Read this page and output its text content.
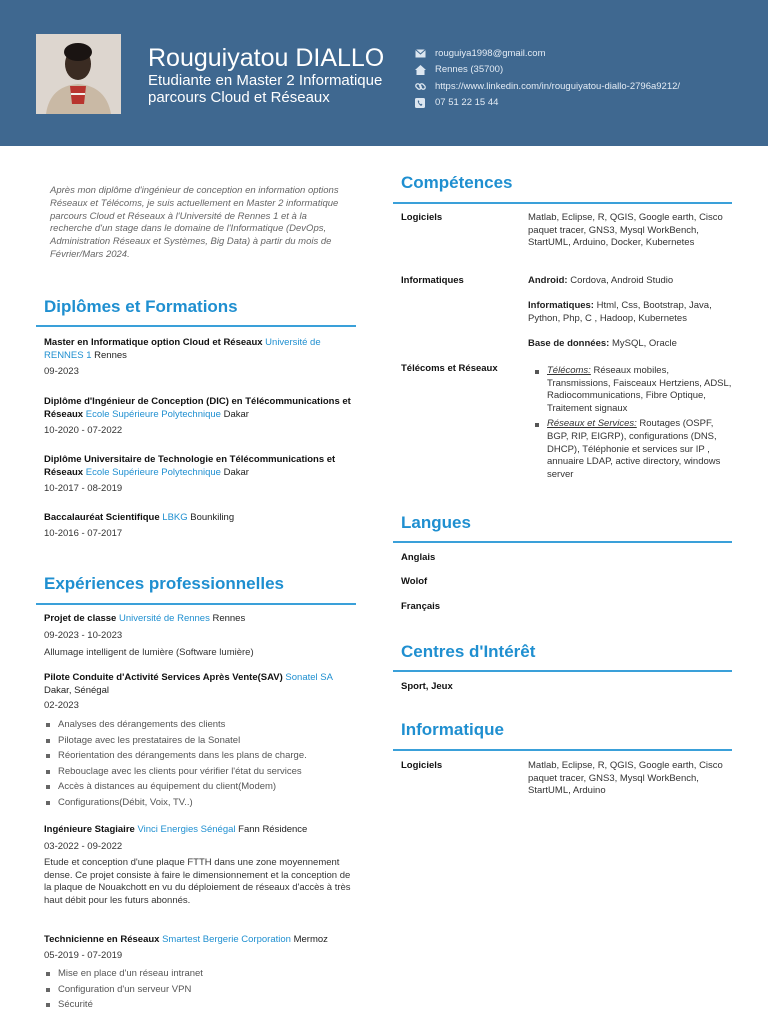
Rouguiyatou DIALLO
Etudiante en Master 2 Informatique parcours Cloud et Réseaux
rouguiya1998@gmail.com
Rennes (35700)
https://www.linkedin.com/in/rouguiyatou-diallo-2796a9212/
07 51 22 15 44
Après mon diplôme d'ingénieur de conception en information options Réseaux et Télécoms, je suis actuellement en Master 2 informatique parcours Cloud et Réseaux à l'Université de Rennes 1 et à la recherche d'un stage dans le domaine de l'Informatique (DevOps, Administration Réseaux et Systèmes, Big Data) à partir du mois de Février/Mars 2024.
Diplômes et Formations
Master en Informatique option Cloud et Réseaux Université de RENNES 1 Rennes
09-2023
Diplôme d'Ingénieur de Conception (DIC) en Télécommunications et Réseaux Ecole Supérieure Polytechnique Dakar
10-2020 - 07-2022
Diplôme Universitaire de Technologie en Télécommunications et Réseaux Ecole Supérieure Polytechnique Dakar
10-2017 - 08-2019
Baccalauréat Scientifique LBKG Bounkiling
10-2016 - 07-2017
Expériences professionnelles
Projet de classe Université de Rennes Rennes
09-2023 - 10-2023
Allumage intelligent de lumière (Software lumière)
Pilote Conduite d'Activité Services Après Vente(SAV) Sonatel SA
Dakar, Sénégal
02-2023
Analyses des dérangements des clients
Pilotage avec les prestataires de la Sonatel
Réorientation des dérangements dans les plans de charge.
Rebouclage avec les clients pour vérifier l'état du services
Accès à distances au équipement du client(Modem)
Configurations(Débit, Voix, TV..)
Ingénieure Stagiaire Vinci Energies Sénégal Fann Résidence
03-2022 - 09-2022
Etude et conception d'une plaque FTTH dans une zone moyennement dense. Ce projet consiste à faire le dimensionnement et la conception de la plaque de Nouakchott en vu du déploiement de réseaux d'accès à très haut débit pour les futurs abonnés.
Technicienne en Réseaux Smartest Bergerie Corporation Mermoz
05-2019 - 07-2019
Mise en place d'un réseau intranet
Configuration d'un serveur VPN
Sécurité
Compétences
Logiciels	Matlab, Eclipse, R, QGIS, Google earth, Cisco paquet tracer, GNS3, Mysql WorkBench, StartUML, Arduino, Docker, Kubernetes
Informatiques	Android: Cordova, Android Studio
Informatiques: Html, Css, Bootstrap, Java, Python, Php, C , Hadoop, Kubernetes
Base de données: MySQL, Oracle
Télécoms et Réseaux	Télécoms: Réseaux mobiles, Transmissions, Faisceaux Hertziens, ADSL, Radiocommunications, Fibre Optique, Traitement signaux
Réseaux et Services: Routages (OSPF, BGP, RIP, EIGRP), configurations (DNS, DHCP), Téléphonie et services sur IP , annuaire LDAP, active directory, windows server
Langues
Anglais
Wolof
Français
Centres d'Intérêt
Sport, Jeux
Informatique
Logiciels	Matlab, Eclipse, R, QGIS, Google earth, Cisco paquet tracer, GNS3, Mysql WorkBench, StartUML, Arduino
